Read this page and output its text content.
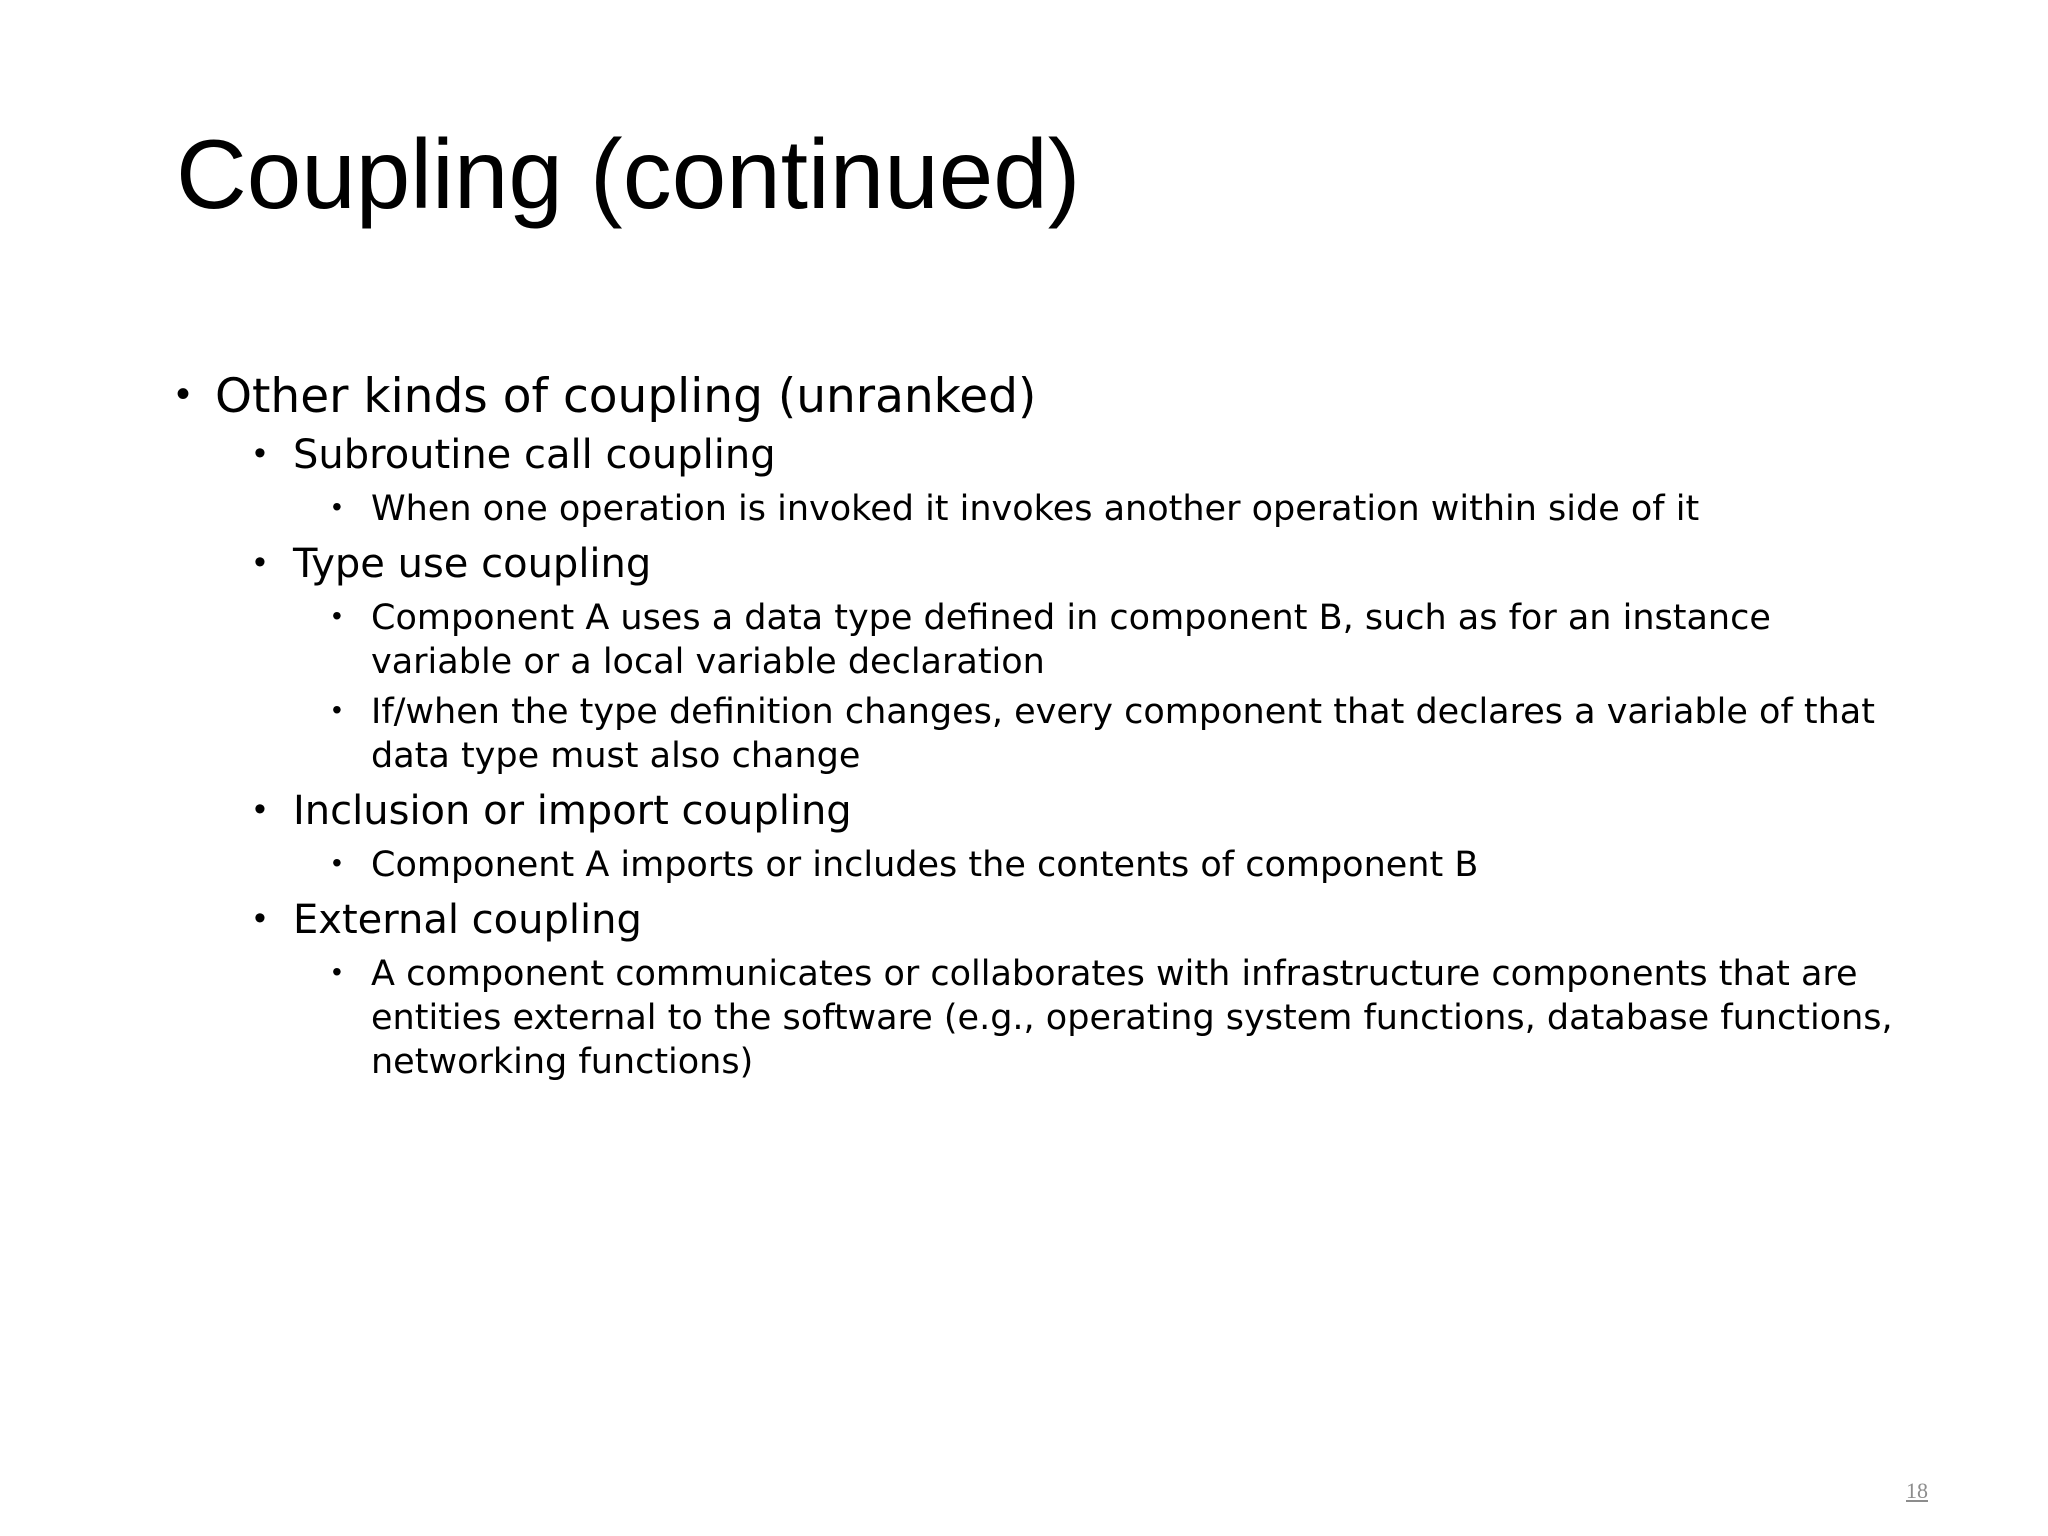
Coupling (continued)
• Other kinds of coupling (unranked)
• Subroutine call coupling
• When one operation is invoked it invokes another operation within side of it
• Type use coupling
• Component A uses a data type defined in component B, such as for an instance variable or a local variable declaration
• If/when the type definition changes, every component that declares a variable of that data type must also change
• Inclusion or import coupling
• Component A imports or includes the contents of component B
• External coupling
• A component communicates or collaborates with infrastructure components that are entities external to the software (e.g., operating system functions, database functions, networking functions)
18
